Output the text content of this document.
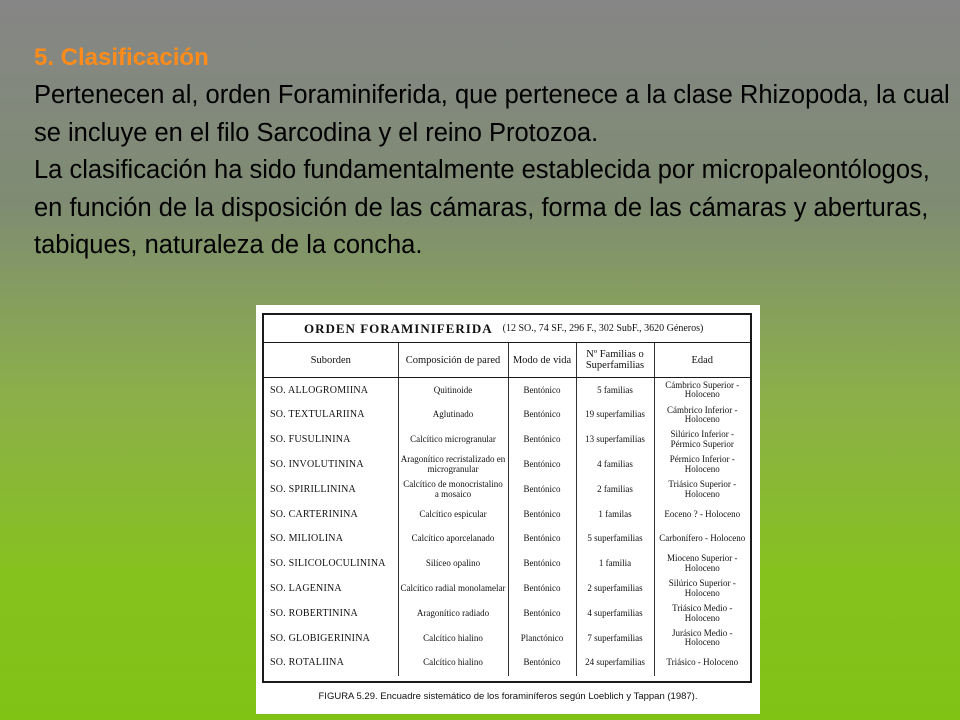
5. Clasificación

Pertenecen al, orden Foraminiferida, que pertenece a la clase Rhizopoda, la cual se incluye en el filo Sarcodina y el reino Protozoa.

La clasificación ha sido fundamentalmente establecida por micropaleontólogos, en función de la disposición de las cámaras, forma de las cámaras y aberturas, tabiques, naturaleza de la concha.

ORDEN FORAMINIFERIDA (12 SO., 74 SF., 296 F., 302 SubF., 3620 Géneros)
Suborden	Composición de pared	Modo de vida	Nº Familias o Superfamilias	Edad
SO. ALLOGROMIINA	Quitinoide	Bentónico	5 familias	Cámbrico Superior - Holoceno
SO. TEXTULARIINA	Aglutinado	Bentónico	19 superfamilias	Cámbrico Inferior - Holoceno
SO. FUSULININA	Calcítico microgranular	Bentónico	13 superfamilias	Silúrico Inferior - Pérmico Superior
SO. INVOLUTININA	Aragonítico recristalizado en microgranular	Bentónico	4 familias	Pérmico Inferior - Holoceno
SO. SPIRILLININA	Calcítico de monocristalino a mosaico	Bentónico	2 familias	Triásico Superior - Holoceno
SO. CARTERININA	Calcítico espicular	Bentónico	1 familas	Eoceno ? - Holoceno
SO. MILIOLINA	Calcítico aporcelanado	Bentónico	5 superfamilias	Carbonífero - Holoceno
SO. SILICOLOCULININA	Silíceo opalino	Bentónico	1 familia	Mioceno Superior - Holoceno
SO. LAGENINA	Calcítico radial monolamelar	Bentónico	2 superfamilias	Silúrico Superior - Holoceno
SO. ROBERTININA	Aragonítico radiado	Bentónico	4 superfamilias	Triásico Medio - Holoceno
SO. GLOBIGERININA	Calcítico hialino	Planctónico	7 superfamilias	Jurásico Medio - Holoceno
SO. ROTALIINA	Calcítico hialino	Bentónico	24 superfamilias	Triásico - Holoceno
FIGURA 5.29. Encuadre sistemático de los foraminíferos según Loeblich y Tappan (1987).
